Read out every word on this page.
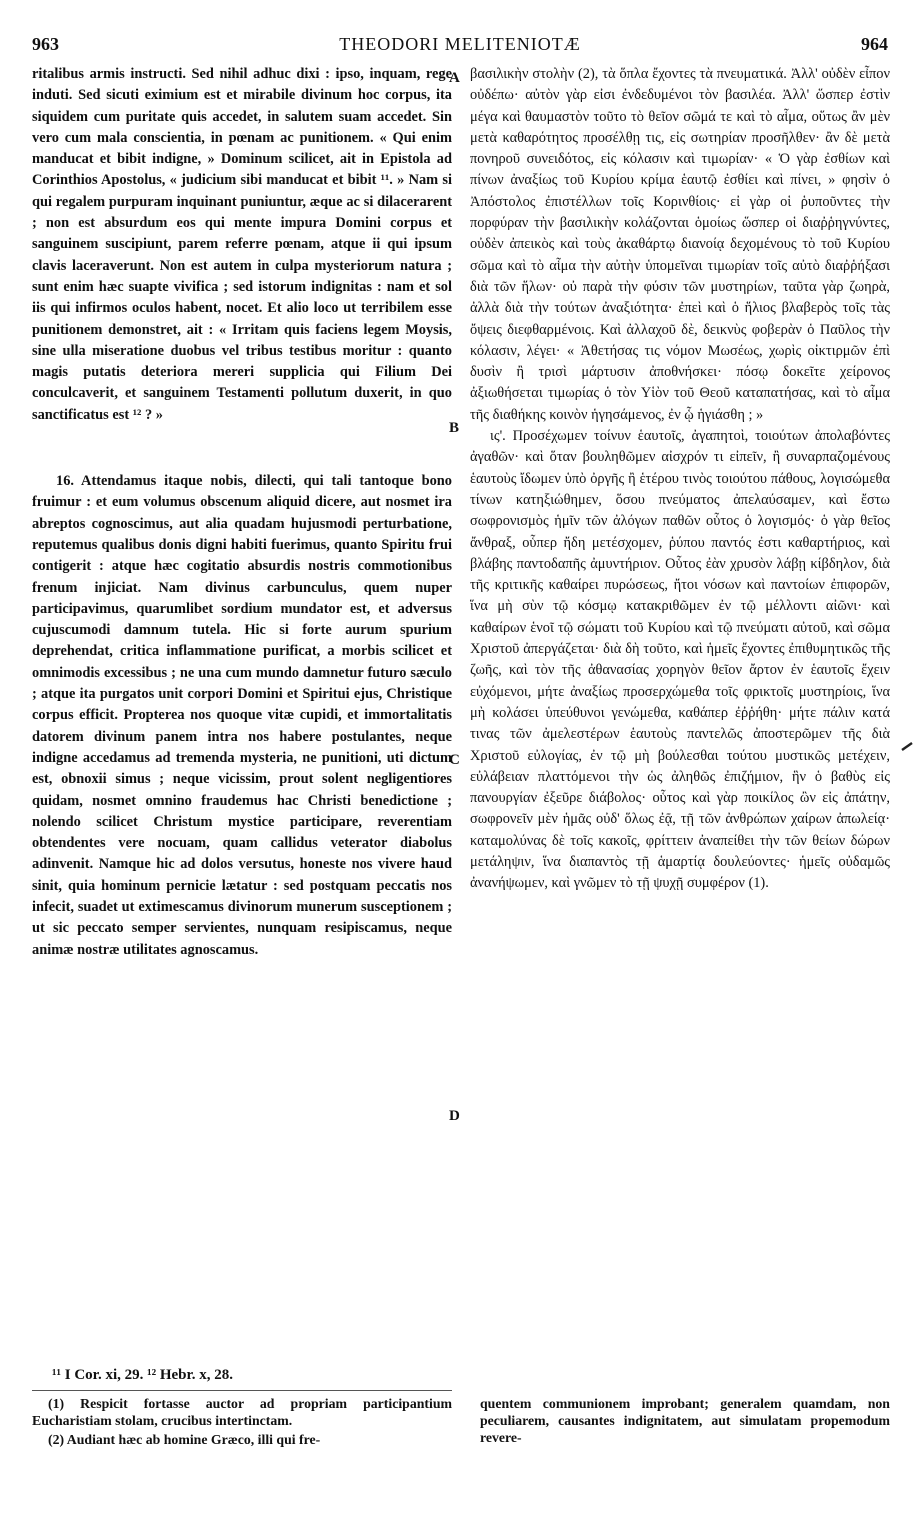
963	THEODORI MELITENIOTÆ	964

ritalibus armis instructi. Sed nihil adhuc dixi : ipso, inquam, rege induti. Sed sicuti eximium est et mirabile divinum hoc corpus, ita siquidem cum puritate quis accedet, in salutem suam accedet. Sin vero cum mala conscientia, in pœnam ac punitionem. « Qui enim manducat et bibit indigne, » Dominum scilicet, ait in Epistola ad Corinthios Apostolus, « judicium sibi manducat et bibit ¹¹. » Nam si qui regalem purpuram inquinant puniuntur, æque ac si dilacerarent ; non est absurdum eos qui mente impura Domini corpus et sanguinem suscipiunt, parem referre pœnam, atque ii qui ipsum clavis laceraverunt. Non est autem in culpa mysteriorum natura ; sunt enim hæc suapte vivifica ; sed istorum indignitas : nam et sol iis qui infirmos oculos habent, nocet. Et alio loco ut terribilem esse punitionem demonstret, ait : « Irritam quis faciens legem Moysis, sine ulla miseratione duobus vel tribus testibus moritur : quanto magis putatis deteriora mereri supplicia qui Filium Dei conculcaverit, et sanguinem Testamenti pollutum duxerit, in quo sanctificatus est ¹² ? »

16. Attendamus itaque nobis, dilecti, qui tali tantoque bono fruimur : et eum volumus obscenum aliquid dicere, aut nosmet ira abreptos cognoscimus, aut alia quadam hujusmodi perturbatione, reputemus qualibus donis digni habiti fuerimus, quanto Spiritu frui contigerit : atque hæc cogitatio absurdis nostris commotionibus frenum injiciat. Nam divinus carbunculus, quem nuper participavimus, quarumlibet sordium mundator est, et adversus cujuscumodi damnum tutela. Hic si forte aurum spurium deprehendat, critica inflammatione purificat, a morbis scilicet et omnimodis excessibus ; ne una cum mundo damnetur futuro sæculo ; atque ita purgatos unit corpori Domini et Spiritui ejus, Christique corpus efficit. Propterea nos quoque vitæ cupidi, et immortalitatis datorem divinum panem intra nos habere postulantes, neque indigne accedamus ad tremenda mysteria, ne punitioni, uti dictum est, obnoxii simus ; neque vicissim, prout solent negligentiores quidam, nosmet omnino fraudemus hac Christi benedictione ; nolendo scilicet Christum mystice participare, reverentiam obtendentes vere nocuam, quam callidus veterator diabolus adinvenit. Namque hic ad dolos versutus, honeste nos vivere haud sinit, quia hominum pernicie lætatur : sed postquam peccatis nos infecit, suadet ut extimescamus divinorum munerum susceptionem ; ut sic peccato semper servientes, nunquam resipiscamus, neque animæ nostræ utilitates agnoscamus.

βασιλικὴν στολὴν (2), τὰ ὅπλα ἔχοντες τὰ πνευματικά. Ἀλλ' οὐδὲν εἶπον οὐδέπω· αὐτὸν γὰρ εἰσι ἐνδεδυμένοι τὸν βασιλέα. Ἀλλ' ὥσπερ ἐστὶν μέγα καὶ θαυμαστὸν τοῦτο τὸ θεῖον σῶμά τε καὶ τὸ αἷμα, οὕτως ἂν μὲν μετὰ καθαρότητος προσέλθῃ τις, εἰς σωτηρίαν προσῆλθεν· ἂν δὲ μετὰ πονηροῦ συνειδότος, εἰς κόλασιν καὶ τιμωρίαν· « Ὁ γὰρ ἐσθίων καὶ πίνων ἀναξίως τοῦ Κυρίου κρίμα ἑαυτῷ ἐσθίει καὶ πίνει, » φησὶν ὁ Ἀπόστολος ἐπιστέλλων τοῖς Κορινθίοις· εἰ γὰρ οἱ ῥυποῦντες τὴν πορφύραν τὴν βασιλικὴν κολάζονται ὁμοίως ὥσπερ οἱ διαῤῥηγνύντες, οὐδὲν ἀπεικὸς καὶ τοὺς ἀκαθάρτῳ διανοίᾳ δεχομένους τὸ τοῦ Κυρίου σῶμα καὶ τὸ αἷμα τὴν αὐτὴν ὑπομεῖναι τιμωρίαν τοῖς αὐτὸ διαῤῥήξασι διὰ τῶν ἥλων· οὐ παρὰ τὴν φύσιν τῶν μυστηρίων, ταῦτα γὰρ ζωηρὰ, ἀλλὰ διὰ τὴν τούτων ἀναξιότητα· ἐπεὶ καὶ ὁ ἥλιος βλαβερὸς τοῖς τὰς ὄψεις διεφθαρμένοις. Καὶ ἀλλαχοῦ δὲ, δεικνὺς φοβερὰν ὁ Παῦλος τὴν κόλασιν, λέγει· « Ἀθετήσας τις νόμον Μωσέως, χωρὶς οἰκτιρμῶν ἐπὶ δυσὶν ἢ τρισὶ μάρτυσιν ἀποθνήσκει· πόσῳ δοκεῖτε χείρονος ἀξιωθήσεται τιμωρίας ὁ τὸν Υἱὸν τοῦ Θεοῦ καταπατήσας, καὶ τὸ αἷμα τῆς διαθήκης κοινὸν ἡγησάμενος, ἐν ᾧ ἡγιάσθη ; »

ις'. Προσέχωμεν τοίνυν ἑαυτοῖς, ἀγαπητοὶ, τοιούτων ἀπολαβόντες ἀγαθῶν· καὶ ὅταν βουληθῶμεν αἰσχρόν τι εἰπεῖν, ἢ συναρπαζομένους ἑαυτοὺς ἴδωμεν ὑπὸ ὀργῆς ἢ ἑτέρου τινὸς τοιούτου πάθους, λογισώμεθα τίνων κατηξιώθημεν, ὅσου πνεύματος ἀπελαύσαμεν, καὶ ἔστω σωφρονισμὸς ἡμῖν τῶν ἀλόγων παθῶν οὗτος ὁ λογισμός· ὁ γὰρ θεῖος ἄνθραξ, οὗπερ ἤδη μετέσχομεν, ῥύπου παντός ἐστι καθαρτήριος, καὶ βλάβης παντοδαπῆς ἀμυντήριον. Οὗτος ἐὰν χρυσὸν λάβῃ κίβδηλον, διὰ τῆς κριτικῆς καθαίρει πυρώσεως, ἤτοι νόσων καὶ παντοίων ἐπιφορῶν, ἵνα μὴ σὺν τῷ κόσμῳ κατακριθῶμεν ἐν τῷ μέλλοντι αἰῶνι· καὶ καθαίρων ἑνοῖ τῷ σώματι τοῦ Κυρίου καὶ τῷ πνεύματι αὐτοῦ, καὶ σῶμα Χριστοῦ ἀπεργάζεται· διὰ δὴ τοῦτο, καὶ ἡμεῖς ἔχοντες ἐπιθυμητικῶς τῆς ζωῆς, καὶ τὸν τῆς ἀθανασίας χορηγὸν θεῖον ἄρτον ἐν ἑαυτοῖς ἔχειν εὐχόμενοι, μήτε ἀναξίως προσερχώμεθα τοῖς φρικτοῖς μυστηρίοις, ἵνα μὴ κολάσει ὑπεύθυνοι γενώμεθα, καθάπερ ἐῤῥήθη· μήτε πάλιν κατά τινας τῶν ἀμελεστέρων ἑαυτοὺς παντελῶς ἀποστερῶμεν τῆς διὰ Χριστοῦ εὐλογίας, ἐν τῷ μὴ βούλεσθαι τούτου μυστικῶς μετέχειν, εὐλάβειαν πλαττόμενοι τὴν ὡς ἀληθῶς ἐπιζήμιον, ἣν ὁ βαθὺς εἰς πανουργίαν ἐξεῦρε διάβολος· οὗτος καὶ γὰρ ποικίλος ὢν εἰς ἀπάτην, σωφρονεῖν μὲν ἡμᾶς οὐδ' ὅλως ἐᾷ, τῇ τῶν ἀνθρώπων χαίρων ἀπωλείᾳ· καταμολύνας δὲ τοῖς κακοῖς, φρίττειν ἀναπείθει τὴν τῶν θείων δώρων μετάληψιν, ἵνα διαπαντὸς τῇ ἁμαρτίᾳ δουλεύοντες· ἡμεῖς οὐδαμῶς ἀνανήψωμεν, καὶ γνῶμεν τὸ τῇ ψυχῇ συμφέρον (1).

A
B
C
D
¹¹ I Cor. xi, 29. ¹² Hebr. x, 28.

(1) Respicit fortasse auctor ad propriam participantium Eucharistiam stolam, crucibus intertinctam.

(2) Audiant hæc ab homine Græco, illi qui fre-

quentem communionem improbant; generalem quamdam, non peculiarem, causantes indignitatem, aut simulatam propemodum revere-
